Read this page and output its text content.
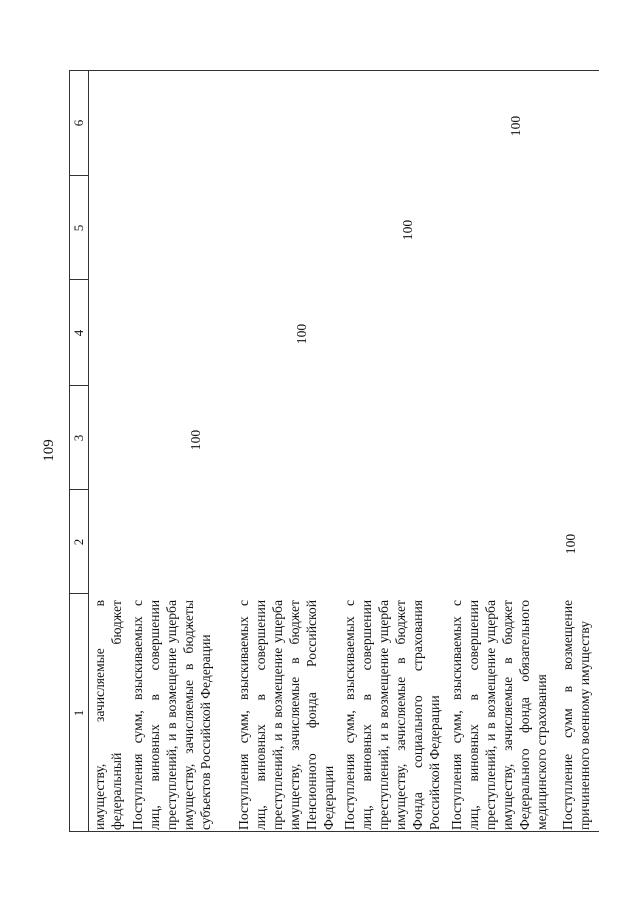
109
1
2
3
4
5
6
имуществу, зачисляемые в федеральный бюджет Поступления сумм, взыскиваемых с лиц, виновных в совершении преступлений, и в возмещение ущерба имуществу, зачисляемые в бюджеты субъектов Российской Федерации
100
Поступления сумм, взыскиваемых с лиц, виновных в совершении преступлений, и в возмещение ущерба имуществу, зачисляемые в бюджет Пенсионного фонда Российской Федерации
100
Поступления сумм, взыскиваемых с лиц, виновных в совершении преступлений, и в возмещение ущерба имуществу, зачисляемые в бюджет Фонда социального страхования Российской Федерации
100
Поступления сумм, взыскиваемых с лиц, виновных в совершении преступлений, и в возмещение ущерба имуществу, зачисляемые в бюджет Федерального фонда обязательного медицинского страхования
100
Поступление сумм в возмещение причиненного военному имуществу
100
